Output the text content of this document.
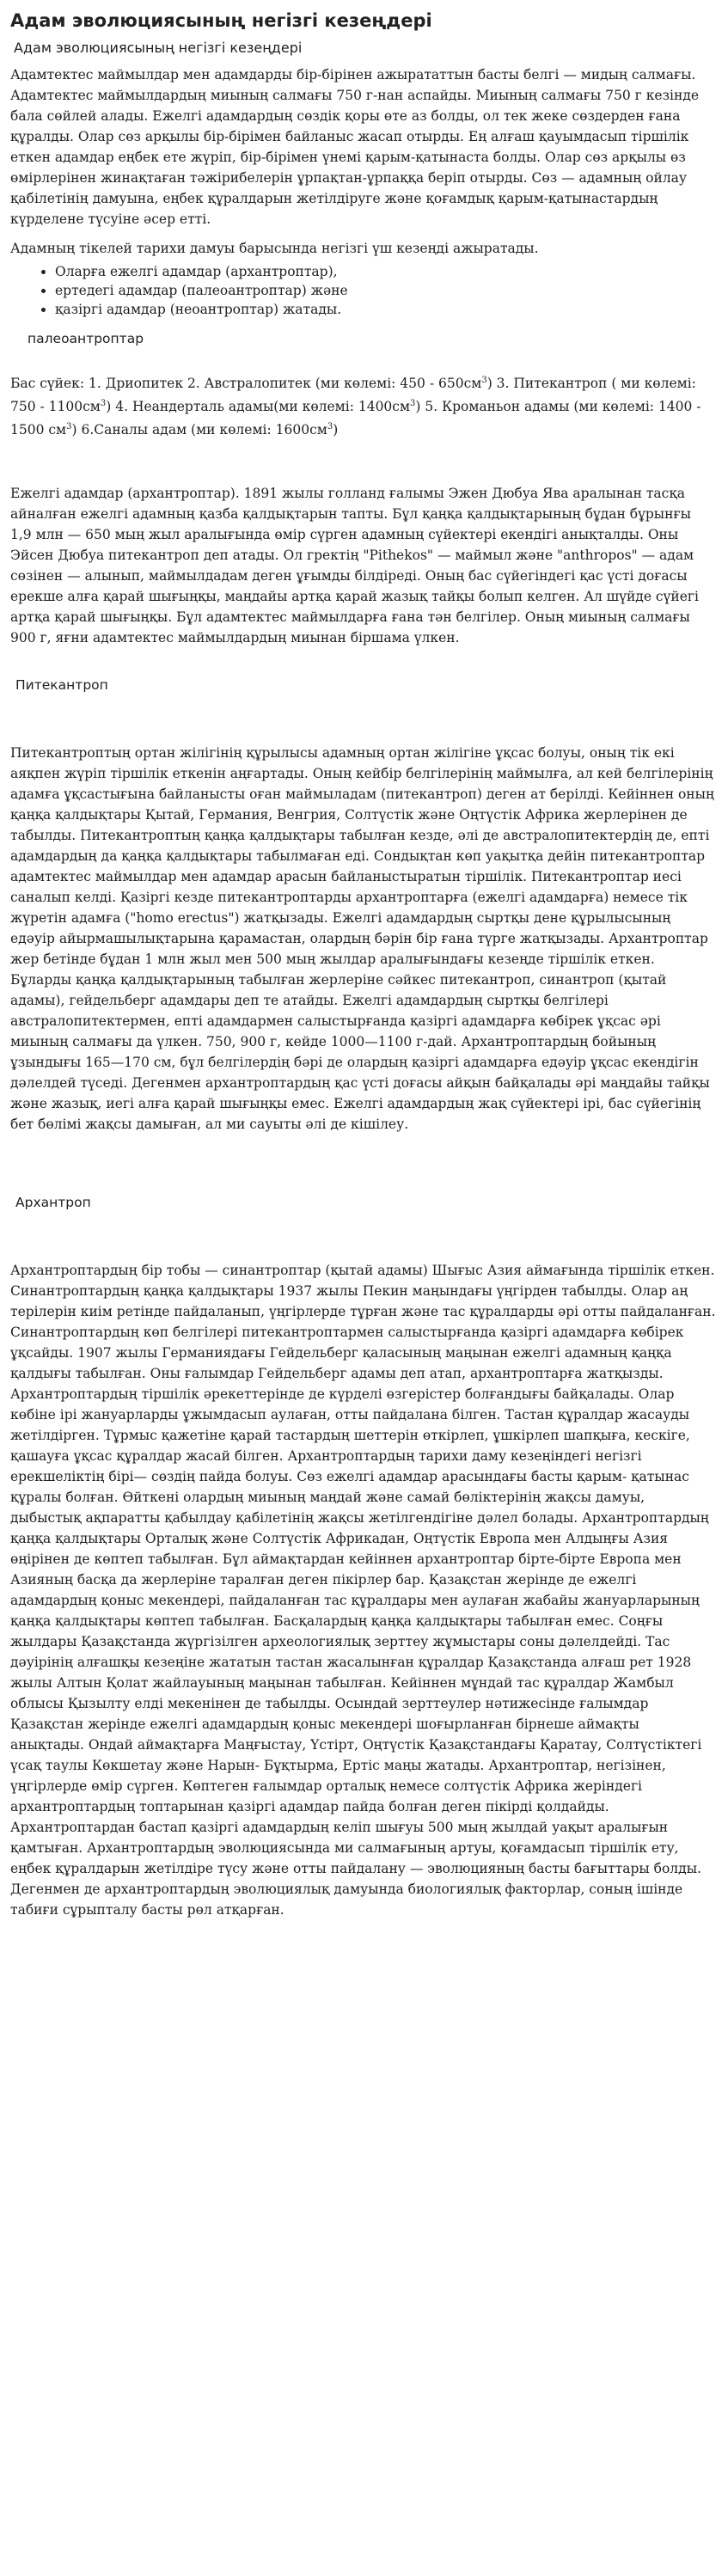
Адам эволюциясының негізгі кезеңдері
Адам эволюциясының негізгі кезеңдері

Адамтектес маймылдар мен адамдарды бір-бірінен ажырататтын басты белгі — мидың салмағы. Адамтектес маймылдардың миының салмағы 750 г-нан аспайды. Миының салмағы 750 г кезінде бала сөйлей алады. Ежелгі адамдардың сөздік қоры өте аз болды, ол тек жеке сөздерден ғана құралды. Олар сөз арқылы бір-бірімен байланыс жасап отырды. Ең алғаш қауымдасып тіршілік еткен адамдар еңбек ете жүріп, бір-бірімен үнемі қарым-қатынаста болды. Олар сөз арқылы өз өмірлерінен жинақтаған тәжірибелерін ұрпақтан-ұрпаққа беріп отырды. Сөз — адамның ойлау қабілетінің дамуына, еңбек құралдарын жетілдіруге және қоғамдық қарым-қатынастардың күрделене түсуіне әсер етті.

Адамның тікелей тарихи дамуы барысында негізгі үш кезеңді ажыратады.

• Оларға ежелгі адамдар (архантроптар),
• ертедегі адамдар (палеоантроптар) және
• қазіргі адамдар (неоантроптар) жатады.
палеоантроптар

Бас сүйек: 1. Дриопитек 2. Австралопитек (ми көлемі: $450 - 650см^3$) 3. Питекантроп ( ми көлемі: $750 - 1100см^3$) 4. Неандерталь адамы(ми көлемі: $1400см^3$) 5. Кроманьон адамы (ми көлемі: 1400 - 1500 $см^3$) 6.Саналы адам (ми көлемі: $1600см^3$)

Ежелгі адамдар (архантроптар). 1891 жылы голланд ғалымы Эжен Дюбуа Ява аралынан тасқа айналған ежелгі адамның қазба қалдықтарын тапты. Бұл қаңқа қалдықтарының бұдан бұрынғы 1,9 млн — 650 мың жыл аралығында өмір сүрген адамның сүйектері екендігі анықталды. Оны Эйсен Дюбуа питекантроп деп атады. Ол гректің "Pithekos" — маймыл және "anthropos" — адам сөзінен — алынып, маймылдадам деген ұғымды білдіреді. Оның бас сүйегіндегі қас үсті доғасы ерекше алға қарай шығыңқы, маңдайы артқа қарай жазық тайқы болып келген. Ал шүйде сүйегі артқа қарай шығыңқы. Бұл адамтектес маймылдарға ғана тән белгілер. Оның миының салмағы 900 г, яғни адамтектес маймылдардың миынан біршама үлкен.

Питекантроп

Питекантроптың ортан жілігінің құрылысы адамның ортан жілігіне ұқсас болуы, оның тік екі аяқпен жүріп тіршілік еткенін аңғартады. Оның кейбір белгілерінің маймылға, ал кей белгілерінің адамға ұқсастығына байланысты оған маймыладам (питекантроп) деген ат берілді. Кейіннен оның қаңқа қалдықтары Қытай, Германия, Венгрия, Солтүстік және Оңтүстік Африка жерлерінен де табылды. Питекантроптың қаңқа қалдықтары табылған кезде, әлі де австралопитектердің де, епті адамдардың да қаңқа қалдықтары табылмаған еді. Сондықтан көп уақытқа дейін питекантроптар адамтектес маймылдар мен адамдар арасын байланыстыратын тіршілік. Питекантроптар иесі саналып келді. Қазіргі кезде питекантроптарды архантроптарға (ежелгі адамдарға) немесе тік жүретін адамға ("homo erectus") жатқызады. Ежелгі адамдардың сыртқы дене құрылысының едәуір айырмашылықтарына қарамастан, олардың бәрін бір ғана түрге жатқызады. Архантроптар жер бетінде бұдан 1 млн жыл мен 500 мың жылдар аралығындағы кезеңде тіршілік еткен. Бұларды қаңқа қалдықтарының табылған жерлеріне сәйкес питекантроп, синантроп (қытай адамы), гейдельберг адамдары деп те атайды. Ежелгі адамдардың сыртқы белгілері австралопитектермен, епті адамдармен салыстырғанда қазіргі адамдарға көбірек ұқсас әрі миының салмағы да үлкен. 750, 900 г, кейде 1000—1100 г-дай. Архантроптардың бойының ұзындығы 165—170 см, бұл белгілердің бәрі де олардың қазіргі адамдарға едәуір ұқсас екендігін дәлелдей түседі. Дегенмен архантроптардың қас үсті доғасы айқын байқалады әрі маңдайы тайқы және жазық, иегі алға қарай шығыңқы емес. Ежелгі адамдардың жақ сүйектері ірі, бас сүйегінің бет бөлімі жақсы дамыған, ал ми сауыты әлі де кішілеу.

Архантроп

Архантроптардың бір тобы — синантроптар (қытай адамы) Шығыс Азия аймағында тіршілік еткен. Синантроптардың қаңқа қалдықтары 1937 жылы Пекин маңындағы үңгірден табылды. Олар аң терілерін киім ретінде пайдаланып, үңгірлерде тұрған және тас құралдарды әрі отты пайдаланған. Синантроптардың көп белгілері питекантроптармен салыстырғанда қазіргі адамдарға көбірек ұқсайды. 1907 жылы Германиядағы Гейдельберг қаласының маңынан ежелгі адамның қаңқа қалдығы табылған. Оны ғалымдар Гейдельберг адамы деп атап, архантроптарға жатқызды. Архантроптардың тіршілік әрекеттерінде де күрделі өзгерістер болғандығы байқалады. Олар көбіне ірі жануарларды ұжымдасып аулаған, отты пайдалана білген. Тастан құралдар жасауды жетілдірген. Тұрмыс қажетіне қарай тастардың шеттерін өткірлеп, ұшкірлеп шапқыға, кескіге, қашауға ұқсас құралдар жасай білген. Архантроптардың тарихи даму кезеңіндегі негізгі ерекшеліктің бірі— сөздің пайда болуы. Сөз ежелгі адамдар арасындағы басты қарым- қатынас құралы болған. Өйткені олардың миының маңдай және самай бөліктерінің жақсы дамуы, дыбыстық ақпаратты қабылдау қабілетінің жақсы жетілгендігіне дәлел болады. Архантроптардың қаңқа қалдықтары Орталық және Солтүстік Африкадан, Оңтүстік Европа мен Алдыңғы Азия өңірінен де көптеп табылған. Бұл аймақтардан кейіннен архантроптар бірте-бірте Европа мен Азияның басқа да жерлеріне таралған деген пікірлер бар. Қазақстан жерінде де ежелгі адамдардың қоныс мекендері, пайдаланған тас құралдары мен аулаған жабайы жануарларының қаңқа қалдықтары көптеп табылған. Басқалардың қаңқа қалдықтары табылған емес. Соңғы жылдары Қазақстанда жүргізілген археологиялық зерттеу жұмыстары соны дәлелдейді. Тас дәуірінің алғашқы кезеңіне жататын тастан жасалынған құралдар Қазақстанда алғаш рет 1928 жылы Алтын Қолат жайлауының маңынан табылған. Кейіннен мұндай тас құралдар Жамбыл облысы Қызылту елді мекенінен де табылды. Осындай зерттеулер нәтижесінде ғалымдар Қазақстан жерінде ежелгі адамдардың қоныс мекендері шоғырланған бірнеше аймақты анықтады. Ондай аймақтарға Маңғыстау, Үстірт, Оңтүстік Қазақстандағы Қаратау, Солтүстіктегі үсақ таулы Көкшетау және Нарын- Бұқтырма, Ертіс маңы жатады. Архантроптар, негізінен, үңгірлерде өмір сүрген. Көптеген ғалымдар орталық немесе солтүстік Африка жеріндегі архантроптардың топтарынан қазіргі адамдар пайда болған деген пікірді қолдайды. Архантроптардан бастап қазіргі адамдардың келіп шығуы 500 мың жылдай уақыт аралығын қамтыған. Архантроптардың эволюциясында ми салмағының артуы, қоғамдасып тіршілік ету, еңбек құралдарын жетілдіре түсу және отты пайдалану — эволюцияның басты бағыттары болды. Дегенмен де архантроптардың эволюциялық дамуында биологиялық факторлар, соның ішінде табиғи сұрыпталу басты рөл атқарған.
